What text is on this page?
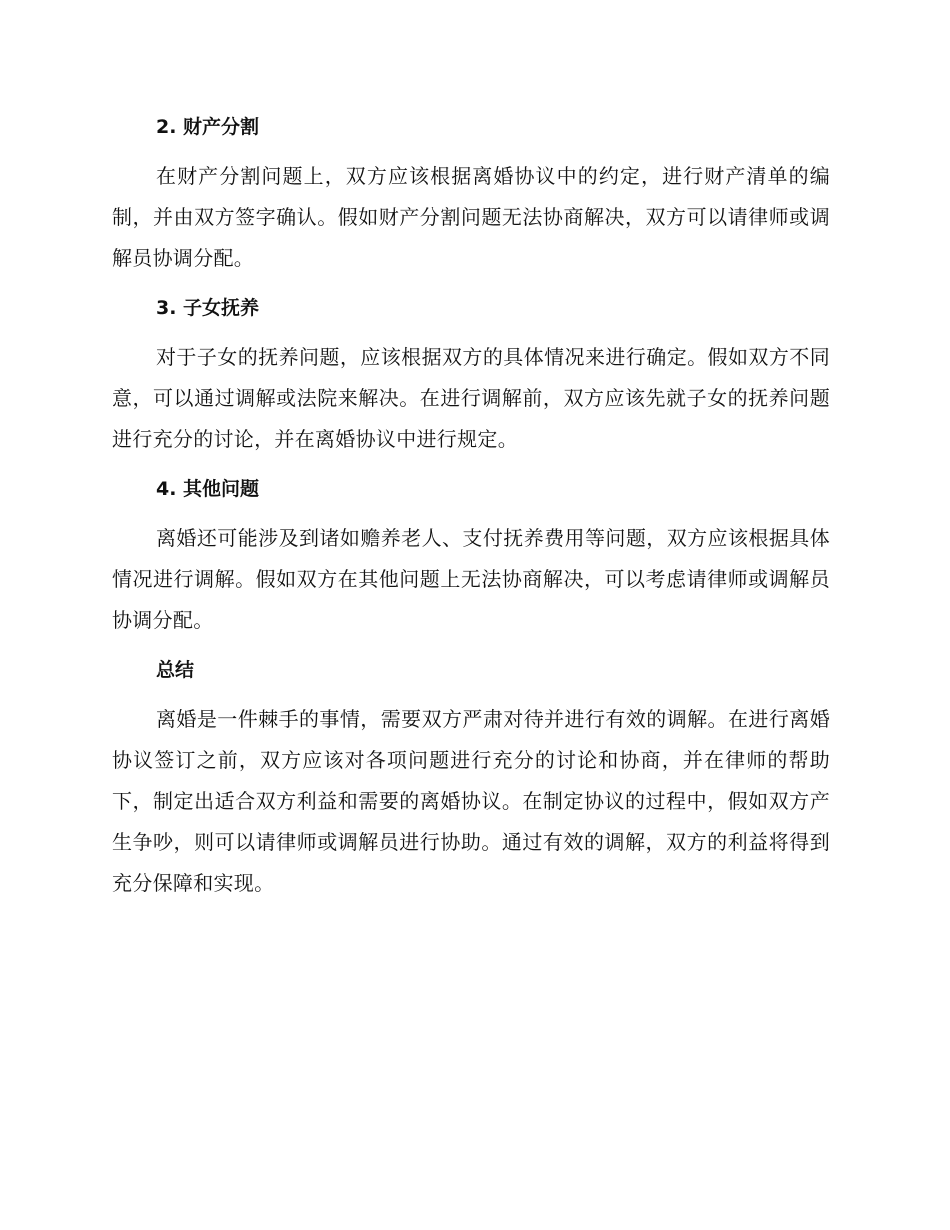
2. 财产分割

在财产分割问题上，双方应该根据离婚协议中的约定，进行财产清单的编制，并由双方签字确认。假如财产分割问题无法协商解决，双方可以请律师或调解员协调分配。

3. 子女抚养

对于子女的抚养问题，应该根据双方的具体情况来进行确定。假如双方不同意，可以通过调解或法院来解决。在进行调解前，双方应该先就子女的抚养问题进行充分的讨论，并在离婚协议中进行规定。

4. 其他问题

离婚还可能涉及到诸如赡养老人、支付抚养费用等问题，双方应该根据具体情况进行调解。假如双方在其他问题上无法协商解决，可以考虑请律师或调解员协调分配。

总结

离婚是一件棘手的事情，需要双方严肃对待并进行有效的调解。在进行离婚协议签订之前，双方应该对各项问题进行充分的讨论和协商，并在律师的帮助下，制定出适合双方利益和需要的离婚协议。在制定协议的过程中，假如双方产生争吵，则可以请律师或调解员进行协助。通过有效的调解，双方的利益将得到充分保障和实现。
